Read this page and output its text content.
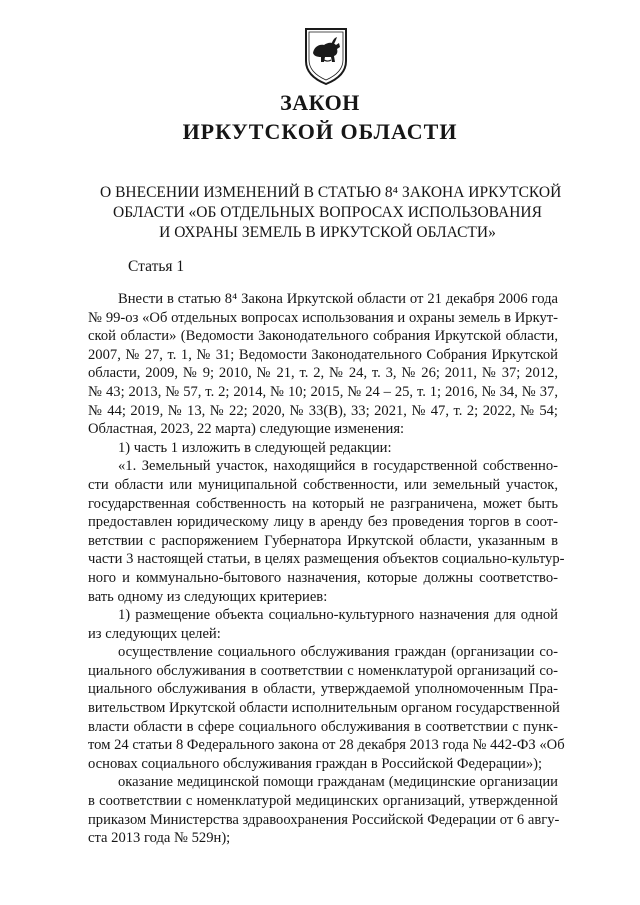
ЗАКОН
ИРКУТСКОЙ ОБЛАСТИ
О ВНЕСЕНИИ ИЗМЕНЕНИЙ В СТАТЬЮ 8⁴ ЗАКОНА ИРКУТСКОЙ
ОБЛАСТИ «ОБ ОТДЕЛЬНЫХ ВОПРОСАХ ИСПОЛЬЗОВАНИЯ
И ОХРАНЫ ЗЕМЕЛЬ В ИРКУТСКОЙ ОБЛАСТИ»
Статья 1
Внести в статью 8⁴ Закона Иркутской области от 21 декабря 2006 года
№ 99-оз «Об отдельных вопросах использования и охраны земель в Иркут-
ской области» (Ведомости Законодательного собрания Иркутской области,
2007, № 27, т. 1, № 31; Ведомости Законодательного Собрания Иркутской
области, 2009, № 9; 2010, № 21, т. 2, № 24, т. 3, № 26; 2011, № 37; 2012,
№ 43; 2013, № 57, т. 2; 2014, № 10; 2015, № 24 – 25, т. 1; 2016, № 34, № 37,
№ 44; 2019, № 13, № 22; 2020, № 33(В), 33; 2021, № 47, т. 2; 2022, № 54;
Областная, 2023, 22 марта) следующие изменения:
1) часть 1 изложить в следующей редакции:
«1. Земельный участок, находящийся в государственной собственно-
сти области или муниципальной собственности, или земельный участок,
государственная собственность на который не разграничена, может быть
предоставлен юридическому лицу в аренду без проведения торгов в соот-
ветствии с распоряжением Губернатора Иркутской области, указанным в
части 3 настоящей статьи, в целях размещения объектов социально-культур-
ного и коммунально-бытового назначения, которые должны соответство-
вать одному из следующих критериев:
1) размещение объекта социально-культурного назначения для одной
из следующих целей:
осуществление социального обслуживания граждан (организации со-
циального обслуживания в соответствии с номенклатурой организаций со-
циального обслуживания в области, утверждаемой уполномоченным Пра-
вительством Иркутской области исполнительным органом государственной
власти области в сфере социального обслуживания в соответствии с пунк-
том 24 статьи 8 Федерального закона от 28 декабря 2013 года № 442-ФЗ «Об
основах социального обслуживания граждан в Российской Федерации»);
оказание медицинской помощи гражданам (медицинские организации
в соответствии с номенклатурой медицинских организаций, утвержденной
приказом Министерства здравоохранения Российской Федерации от 6 авгу-
ста 2013 года № 529н);
